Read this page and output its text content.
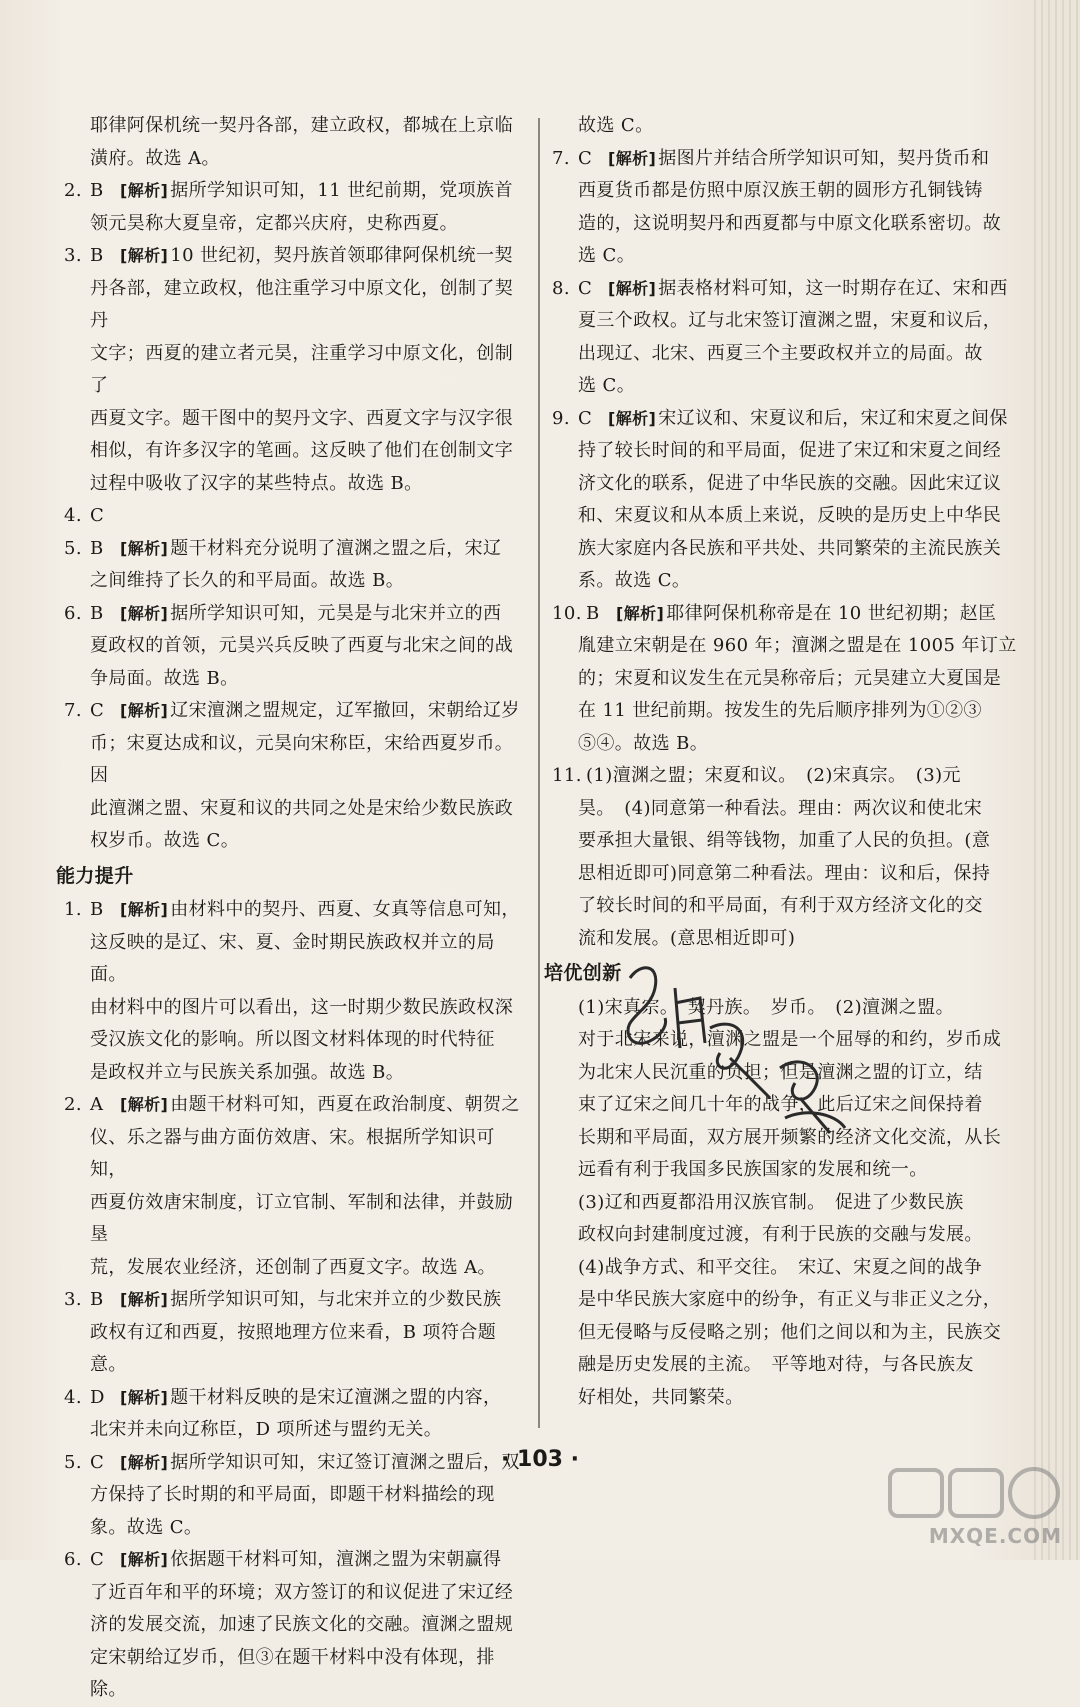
耶律阿保机统一契丹各部，建立政权，都城在上京临
潢府。故选 A。
2. B	[解析] 据所学知识可知，11 世纪前期，党项族首
领元昊称大夏皇帝，定都兴庆府，史称西夏。
3. B	[解析] 10 世纪初，契丹族首领耶律阿保机统一契
丹各部，建立政权，他注重学习中原文化，创制了契丹
文字；西夏的建立者元昊，注重学习中原文化，创制了
西夏文字。题干图中的契丹文字、西夏文字与汉字很
相似，有许多汉字的笔画。这反映了他们在创制文字
过程中吸收了汉字的某些特点。故选 B。
4. C
5. B	[解析] 题干材料充分说明了澶渊之盟之后，宋辽
之间维持了长久的和平局面。故选 B。
6. B	[解析] 据所学知识可知，元昊是与北宋并立的西
夏政权的首领，元昊兴兵反映了西夏与北宋之间的战
争局面。故选 B。
7. C [解析] 辽宋澶渊之盟规定，辽军撤回，宋朝给辽岁
币；宋夏达成和议，元昊向宋称臣，宋给西夏岁币。因
此澶渊之盟、宋夏和议的共同之处是宋给少数民族政
权岁币。故选 C。
能力提升
1. B	[解析] 由材料中的契丹、西夏、女真等信息可知，
这反映的是辽、宋、夏、金时期民族政权并立的局面。
由材料中的图片可以看出，这一时期少数民族政权深
受汉族文化的影响。所以图文材料体现的时代特征
是政权并立与民族关系加强。故选 B。
2. A	[解析] 由题干材料可知，西夏在政治制度、朝贺之
仪、乐之器与曲方面仿效唐、宋。根据所学知识可知，
西夏仿效唐宋制度，订立官制、军制和法律，并鼓励垦
荒，发展农业经济，还创制了西夏文字。故选 A。
3. B	[解析] 据所学知识可知，与北宋并立的少数民族
政权有辽和西夏，按照地理方位来看，B 项符合题意。
4. D [解析] 题干材料反映的是宋辽澶渊之盟的内容，
北宋并未向辽称臣，D 项所述与盟约无关。
5. C [解析] 据所学知识可知，宋辽签订澶渊之盟后，双
方保持了长时期的和平局面，即题干材料描绘的现
象。故选 C。
6. C [解析] 依据题干材料可知，澶渊之盟为宋朝赢得
了近百年和平的环境；双方签订的和议促进了宋辽经
济的发展交流，加速了民族文化的交融。澶渊之盟规
定宋朝给辽岁币，但③在题干材料中没有体现，排除。
故选 C。
7. C [解析] 据图片并结合所学知识可知，契丹货币和
西夏货币都是仿照中原汉族王朝的圆形方孔铜钱铸
造的，这说明契丹和西夏都与中原文化联系密切。故
选 C。
8. C [解析] 据表格材料可知，这一时期存在辽、宋和西
夏三个政权。辽与北宋签订澶渊之盟，宋夏和议后，
出现辽、北宋、西夏三个主要政权并立的局面。故
选 C。
9. C [解析] 宋辽议和、宋夏议和后，宋辽和宋夏之间保
持了较长时间的和平局面，促进了宋辽和宋夏之间经
济文化的联系，促进了中华民族的交融。因此宋辽议
和、宋夏议和从本质上来说，反映的是历史上中华民
族大家庭内各民族和平共处、共同繁荣的主流民族关
系。故选 C。
10. B	[解析] 耶律阿保机称帝是在 10 世纪初期；赵匡
胤建立宋朝是在 960 年；澶渊之盟是在 1005 年订立
的；宋夏和议发生在元昊称帝后；元昊建立大夏国是
在 11 世纪前期。按发生的先后顺序排列为①②③
⑤④。故选 B。
11. (1)澶渊之盟；宋夏和议。　(2)宋真宗。　(3)元
昊。　(4)同意第一种看法。理由：两次议和使北宋
要承担大量银、绢等钱物，加重了人民的负担。(意
思相近即可)同意第二种看法。理由：议和后，保持
了较长时间的和平局面，有利于双方经济文化的交
流和发展。(意思相近即可)
培优创新
(1)宋真宗。　契丹族。　岁币。　(2)澶渊之盟。
对于北宋来说，澶渊之盟是一个屈辱的和约，岁币成
为北宋人民沉重的负担；但是澶渊之盟的订立，结
束了辽宋之间几十年的战争，此后辽宋之间保持着
长期和平局面，双方展开频繁的经济文化交流，从长
远看有利于我国多民族国家的发展和统一。
(3)辽和西夏都沿用汉族官制。　促进了少数民族
政权向封建制度过渡，有利于民族的交融与发展。
(4)战争方式、和平交往。　宋辽、宋夏之间的战争
是中华民族大家庭中的纷争，有正义与非正义之分，
但无侵略与反侵略之别；他们之间以和为主，民族交
融是历史发展的主流。　平等地对待，与各民族友
好相处，共同繁荣。
· 103 ·
MXQE.COM
